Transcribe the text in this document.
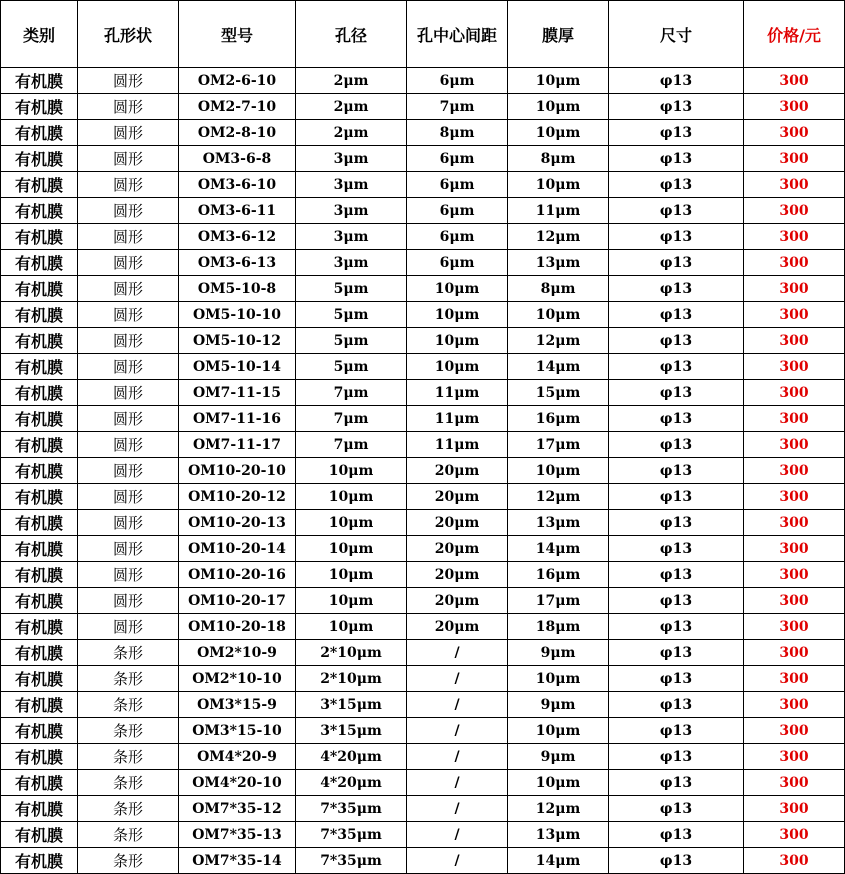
类别	孔形状	型号	孔径	孔中心间距	膜厚	尺寸	价格/元
有机膜	圆形	OM2-6-10	2μm	6μm	10μm	φ13	300
有机膜	圆形	OM2-7-10	2μm	7μm	10μm	φ13	300
有机膜	圆形	OM2-8-10	2μm	8μm	10μm	φ13	300
有机膜	圆形	OM3-6-8	3μm	6μm	8μm	φ13	300
有机膜	圆形	OM3-6-10	3μm	6μm	10μm	φ13	300
有机膜	圆形	OM3-6-11	3μm	6μm	11μm	φ13	300
有机膜	圆形	OM3-6-12	3μm	6μm	12μm	φ13	300
有机膜	圆形	OM3-6-13	3μm	6μm	13μm	φ13	300
有机膜	圆形	OM5-10-8	5μm	10μm	8μm	φ13	300
有机膜	圆形	OM5-10-10	5μm	10μm	10μm	φ13	300
有机膜	圆形	OM5-10-12	5μm	10μm	12μm	φ13	300
有机膜	圆形	OM5-10-14	5μm	10μm	14μm	φ13	300
有机膜	圆形	OM7-11-15	7μm	11μm	15μm	φ13	300
有机膜	圆形	OM7-11-16	7μm	11μm	16μm	φ13	300
有机膜	圆形	OM7-11-17	7μm	11μm	17μm	φ13	300
有机膜	圆形	OM10-20-10	10μm	20μm	10μm	φ13	300
有机膜	圆形	OM10-20-12	10μm	20μm	12μm	φ13	300
有机膜	圆形	OM10-20-13	10μm	20μm	13μm	φ13	300
有机膜	圆形	OM10-20-14	10μm	20μm	14μm	φ13	300
有机膜	圆形	OM10-20-16	10μm	20μm	16μm	φ13	300
有机膜	圆形	OM10-20-17	10μm	20μm	17μm	φ13	300
有机膜	圆形	OM10-20-18	10μm	20μm	18μm	φ13	300
有机膜	条形	OM2*10-9	2*10μm	/	9μm	φ13	300
有机膜	条形	OM2*10-10	2*10μm	/	10μm	φ13	300
有机膜	条形	OM3*15-9	3*15μm	/	9μm	φ13	300
有机膜	条形	OM3*15-10	3*15μm	/	10μm	φ13	300
有机膜	条形	OM4*20-9	4*20μm	/	9μm	φ13	300
有机膜	条形	OM4*20-10	4*20μm	/	10μm	φ13	300
有机膜	条形	OM7*35-12	7*35μm	/	12μm	φ13	300
有机膜	条形	OM7*35-13	7*35μm	/	13μm	φ13	300
有机膜	条形	OM7*35-14	7*35μm	/	14μm	φ13	300
